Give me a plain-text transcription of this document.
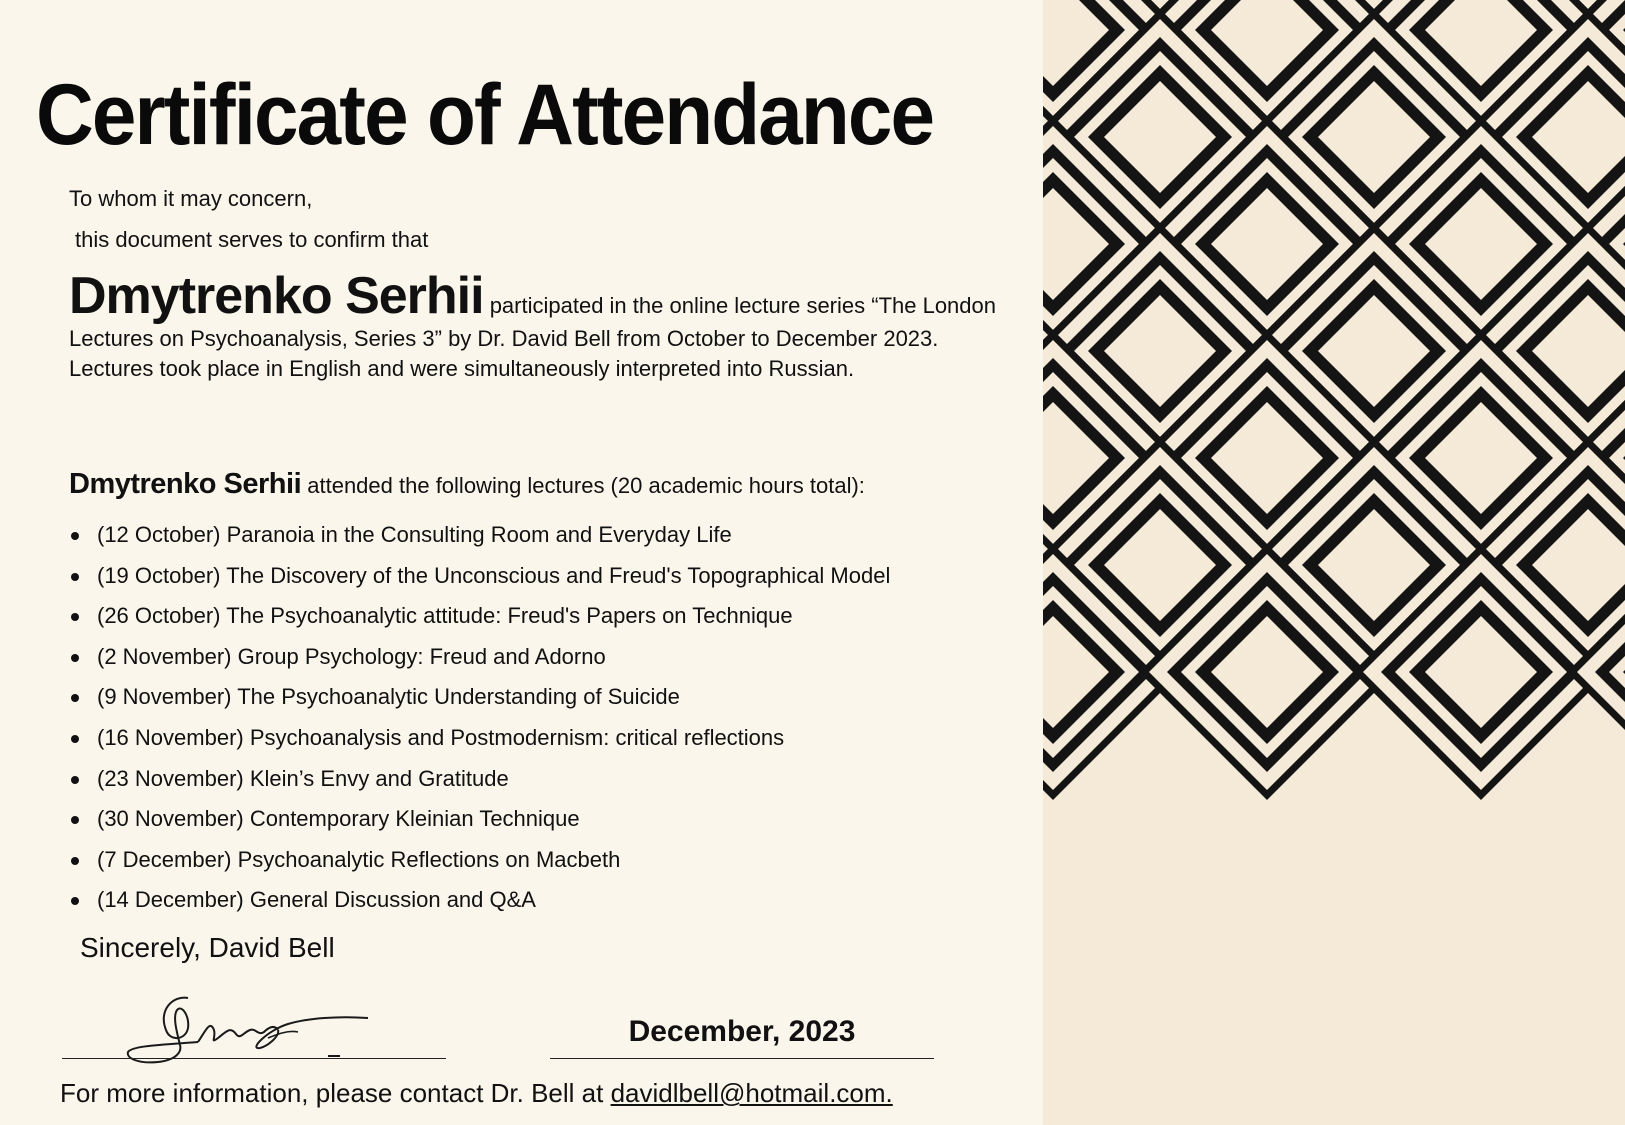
Certificate of Attendance
To whom it may concern,
this document serves to confirm that
Dmytrenko Serhii participated in the online lecture series “The London Lectures on Psychoanalysis, Series 3” by Dr. David Bell from October to December 2023. Lectures took place in English and were simultaneously interpreted into Russian.
Dmytrenko Serhii attended the following lectures (20 academic hours total):
(12 October) Paranoia in the Consulting Room and Everyday Life
(19 October) The Discovery of the Unconscious and Freud's Topographical Model
(26 October) The Psychoanalytic attitude: Freud's Papers on Technique
(2 November) Group Psychology: Freud and Adorno
(9 November) The Psychoanalytic Understanding of Suicide
(16 November) Psychoanalysis and Postmodernism: critical reflections
(23 November) Klein’s Envy and Gratitude
(30 November) Contemporary Kleinian Technique
(7 December) Psychoanalytic Reflections on Macbeth
(14 December) General Discussion and Q&A
Sincerely, David Bell
December, 2023
For more information, please contact Dr. Bell at davidlbell@hotmail.com.
